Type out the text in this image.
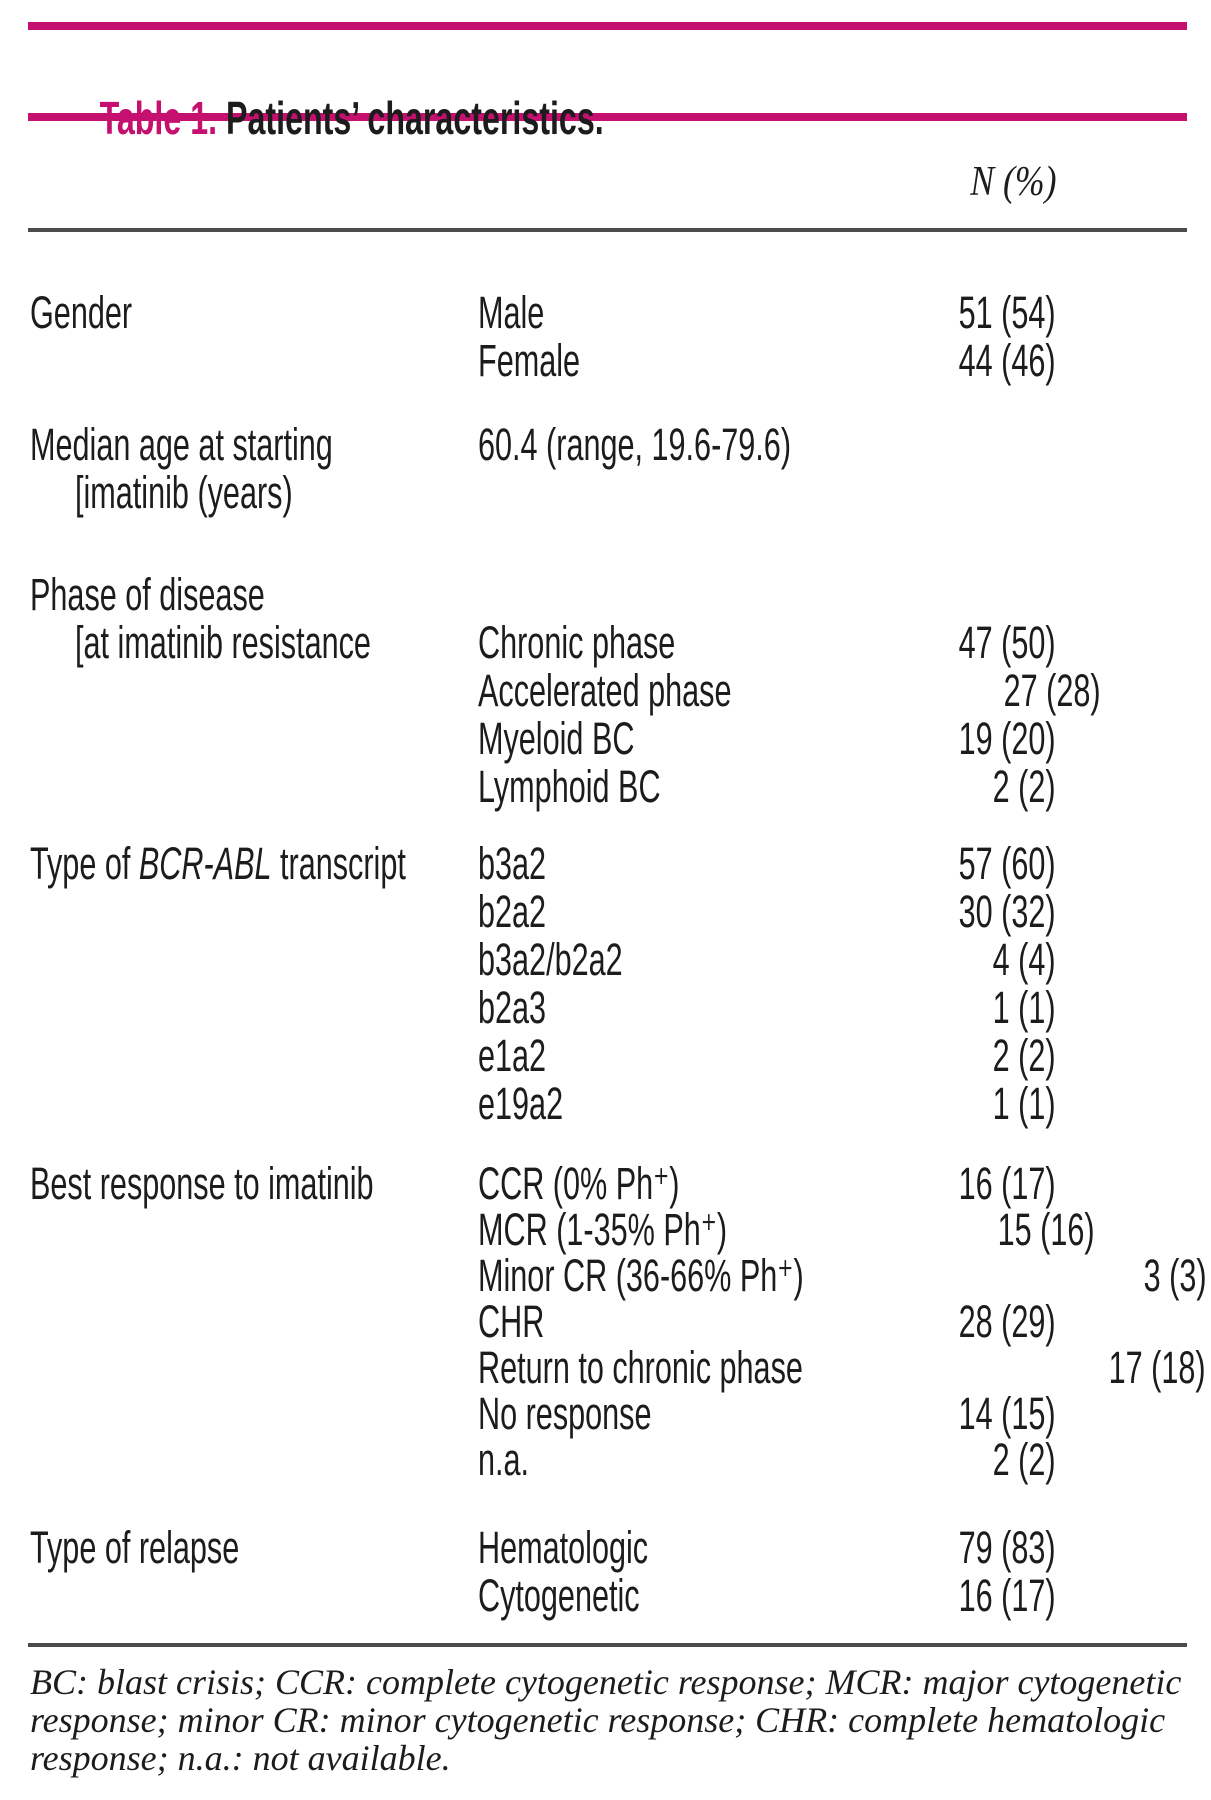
Table 1. Patients’ characteristics.

N (%)
Gender	Male	51 (54)
Female	44 (46)
Median age at starting	60.4 (range, 19.6-79.6)
[imatinib (years)
Phase of disease
[at imatinib resistance	Chronic phase	47 (50)
Accelerated phase	27 (28)
Myeloid BC	19 (20)
Lymphoid BC	2 (2)
Type of BCR-ABL transcript	b3a2	57 (60)
b2a2	30 (32)
b3a2/b2a2	4 (4)
b2a3	1 (1)
e1a2	2 (2)
e19a2	1 (1)
Best response to imatinib	CCR (0% Ph⁺)	16 (17)
MCR (1-35% Ph⁺)	15 (16)
Minor CR (36-66% Ph⁺)	3 (3)
CHR	28 (29)
Return to chronic phase	17 (18)
No response	14 (15)
n.a.	2 (2)
Type of relapse	Hematologic	79 (83)
Cytogenetic	16 (17)
BC: blast crisis; CCR: complete cytogenetic response; MCR: major cytogenetic
response; minor CR: minor cytogenetic response; CHR: complete hematologic
response; n.a.: not available.
